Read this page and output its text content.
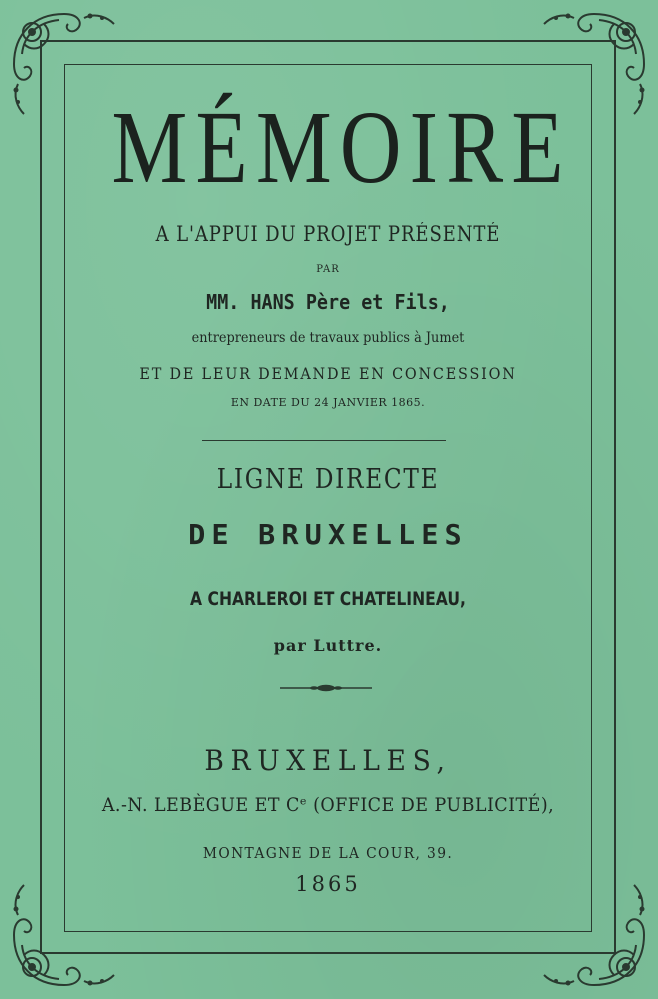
MÉMOIRE
A L'APPUI DU PROJET PRÉSENTÉ
PAR
MM. HANS Père et Fils,
entrepreneurs de travaux publics à Jumet
ET DE LEUR DEMANDE EN CONCESSION
EN DATE DU 24 JANVIER 1865.
LIGNE DIRECTE
DE BRUXELLES
A CHARLEROI ET CHATELINEAU,
par Luttre.
BRUXELLES,
A.-N. LEBÈGUE ET Cᵉ (OFFICE DE PUBLICITÉ),
MONTAGNE DE LA COUR, 39.
1865
